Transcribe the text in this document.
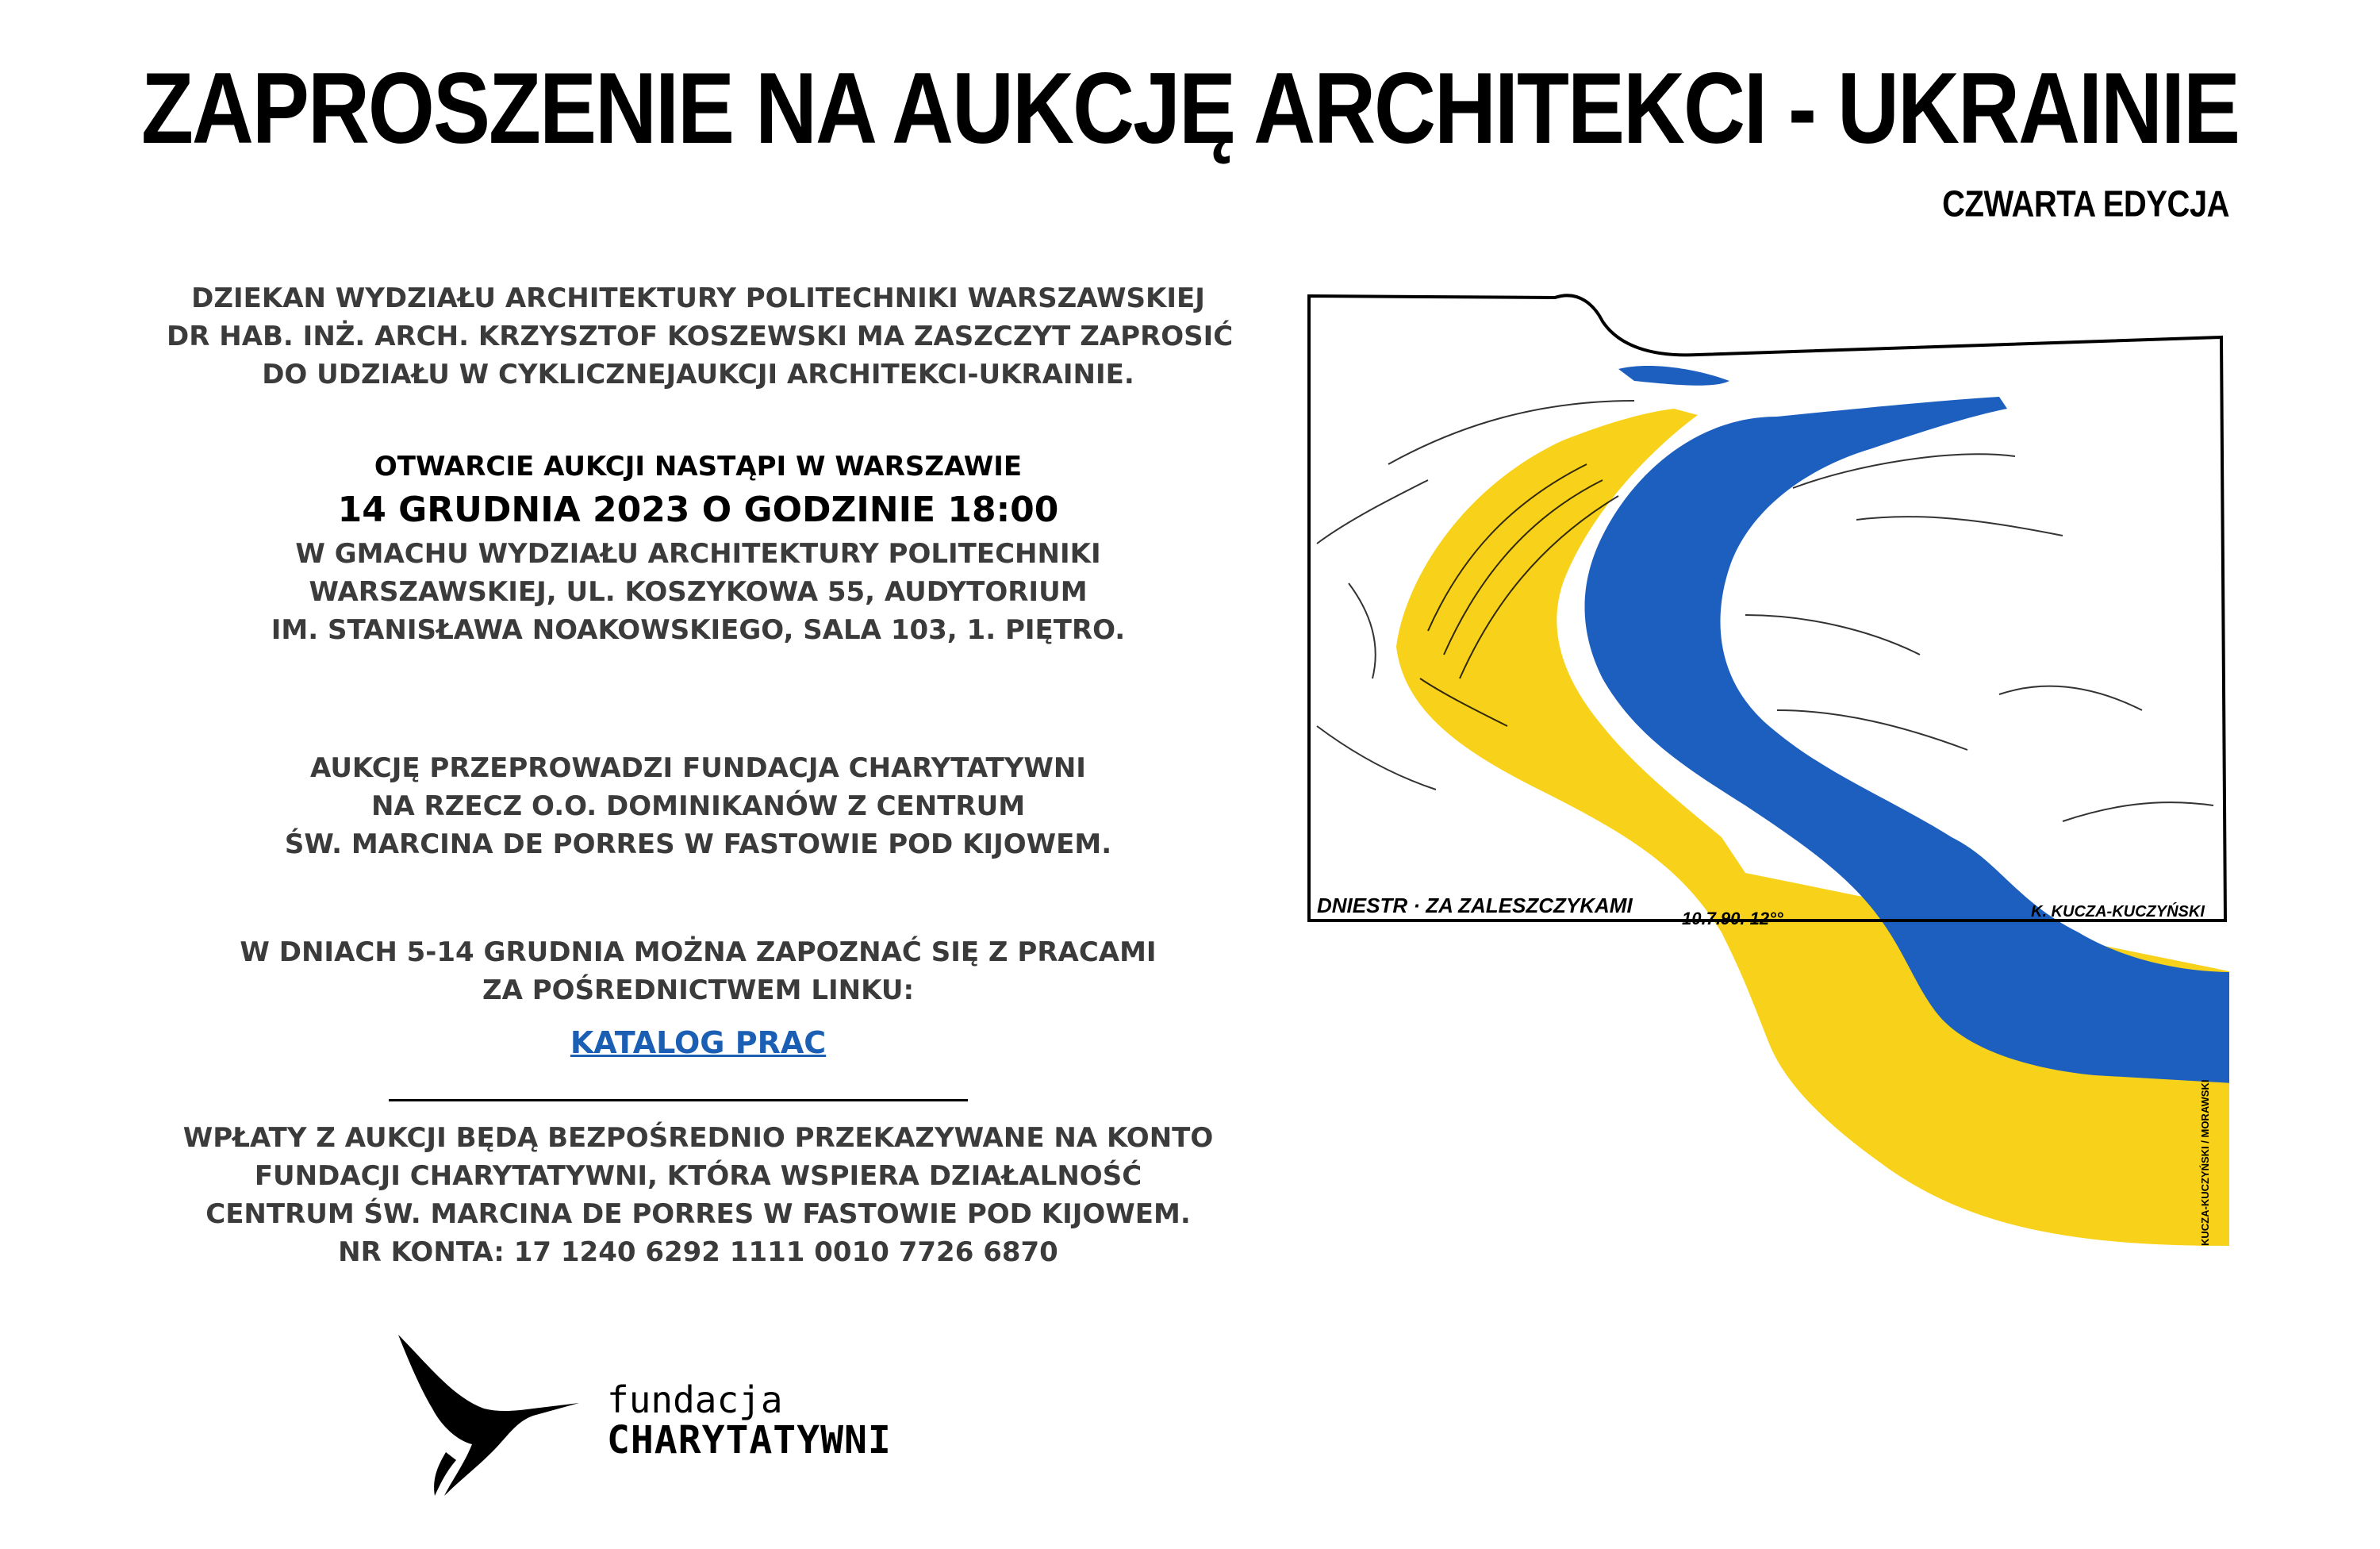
ZAPROSZENIE NA AUKCJĘ ARCHITEKCI - UKRAINIE
CZWARTA EDYCJA

DZIEKAN WYDZIAŁU ARCHITEKTURY POLITECHNIKI WARSZAWSKIEJ
DR HAB. INŻ. ARCH. KRZYSZTOF KOSZEWSKI MA ZASZCZYT ZAPROSIĆ
DO UDZIAŁU W CYKLICZNEJAUKCJI ARCHITEKCI-UKRAINIE.

OTWARCIE AUKCJI NASTĄPI W WARSZAWIE

14 GRUDNIA 2023 O GODZINIE 18:00

W GMACHU WYDZIAŁU ARCHITEKTURY POLITECHNIKI
WARSZAWSKIEJ, UL. KOSZYKOWA 55, AUDYTORIUM
IM. STANISŁAWA NOAKOWSKIEGO, SALA 103, 1. PIĘTRO.

AUKCJĘ PRZEPROWADZI FUNDACJA CHARYTATYWNI
NA RZECZ O.O. DOMINIKANÓW Z CENTRUM
ŚW. MARCINA DE PORRES W FASTOWIE POD KIJOWEM.

W DNIACH 5-14 GRUDNIA MOŻNA ZAPOZNAĆ SIĘ Z PRACAMI
ZA POŚREDNICTWEM LINKU:

KATALOG PRAC

WPŁATY Z AUKCJI BĘDĄ BEZPOŚREDNIO PRZEKAZYWANE NA KONTO
FUNDACJI CHARYTATYWNI, KTÓRA WSPIERA DZIAŁALNOŚĆ
CENTRUM ŚW. MARCINA DE PORRES W FASTOWIE POD KIJOWEM.
NR KONTA: 17 1240 6292 1111 0010 7726 6870

fundacja
CHARYTATYWNI
DNIESTR · ZA ZALESZCZYKAMI
10.7.90. 12°°	K. KUCZA-KUCZYŃSKI
KUCZA-KUCZYŃSKI / MORAWSKI
